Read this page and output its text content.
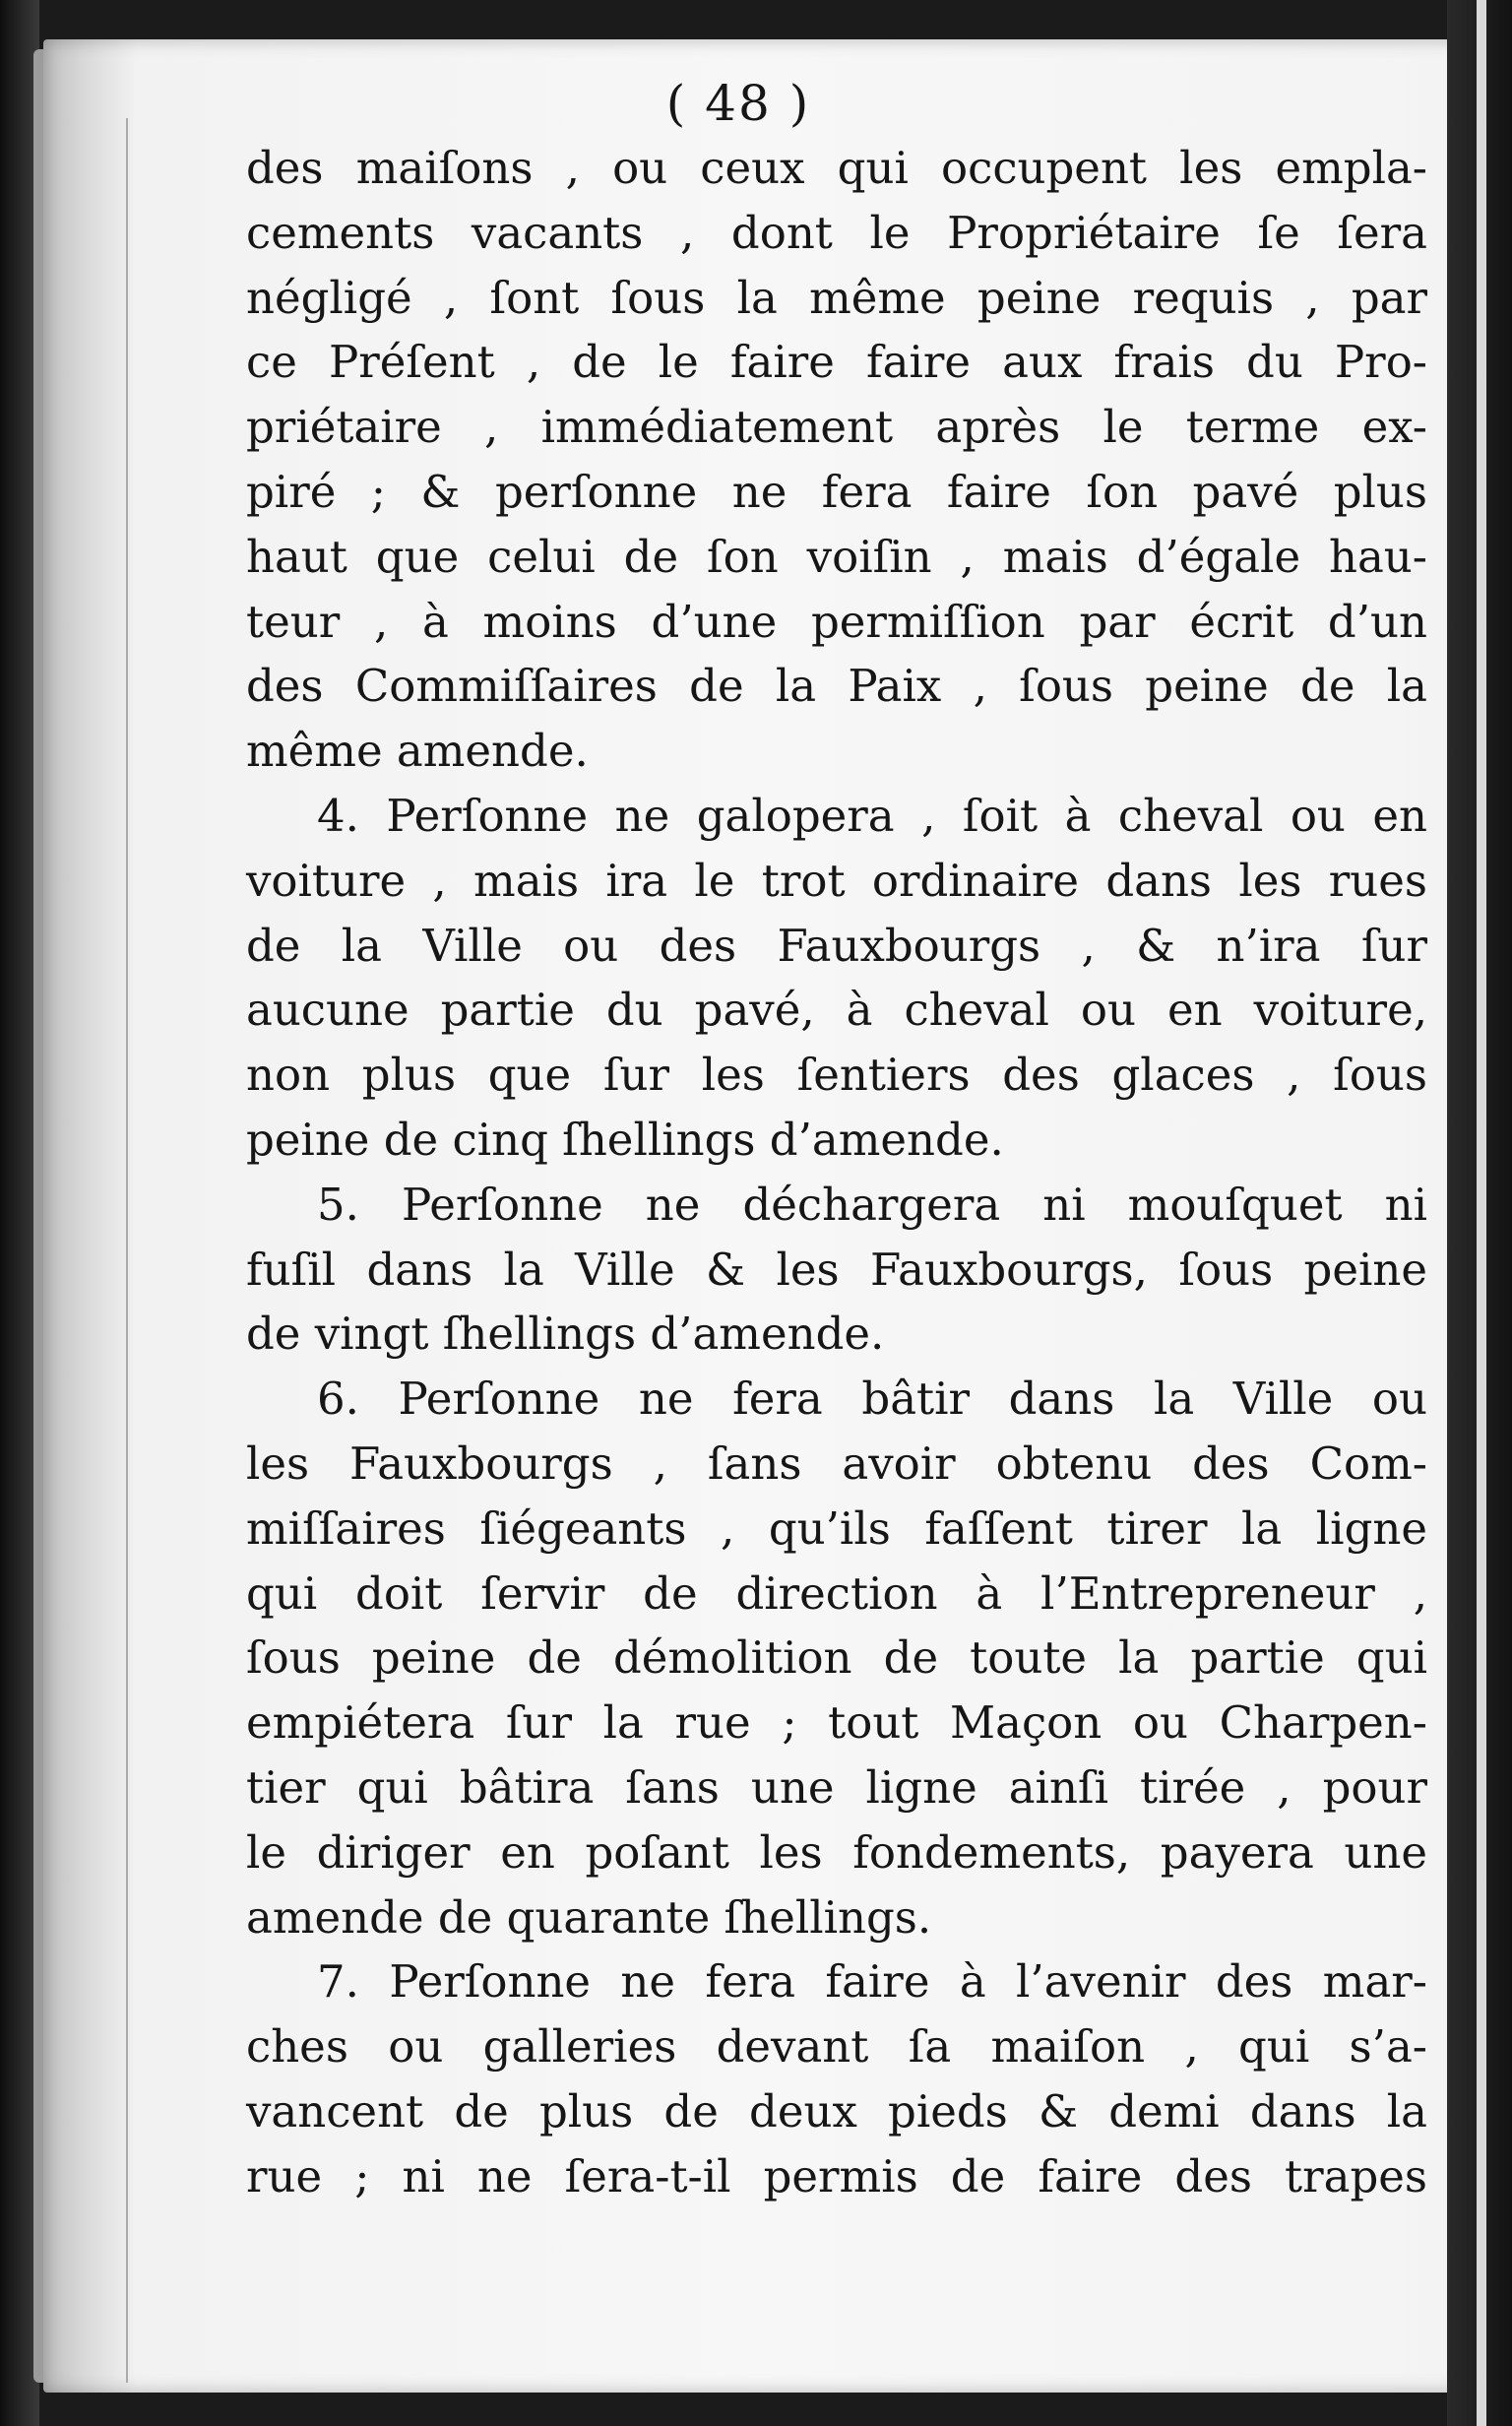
( 48 )
des maiſons , ou ceux qui occupent les empla-
cements vacants , dont le Propriétaire ſe ſera
négligé , ſont ſous la même peine requis , par
ce Préſent , de le faire faire aux frais du Pro-
priétaire , immédiatement après le terme ex-
piré ; & perſonne ne fera faire ſon pavé plus
haut que celui de ſon voiſin , mais d’égale hau-
teur , à moins d’une permiſſion par écrit d’un
des Commiſſaires de la Paix , ſous peine de la
même amende.
4. Perſonne ne galopera , ſoit à cheval ou en
voiture , mais ira le trot ordinaire dans les rues
de la Ville ou des Fauxbourgs , & n’ira ſur
aucune partie du pavé, à cheval ou en voiture,
non plus que ſur les ſentiers des glaces , ſous
peine de cinq ſhellings d’amende.
5. Perſonne ne déchargera ni mouſquet ni
fuſil dans la Ville & les Fauxbourgs, ſous peine
de vingt ſhellings d’amende.
6. Perſonne ne fera bâtir dans la Ville ou
les Fauxbourgs , ſans avoir obtenu des Com-
miſſaires ſiégeants , qu’ils faſſent tirer la ligne
qui doit ſervir de direction à l’Entrepreneur ,
ſous peine de démolition de toute la partie qui
empiétera ſur la rue ; tout Maçon ou Charpen-
tier qui bâtira ſans une ligne ainſi tirée , pour
le diriger en poſant les fondements, payera une
amende de quarante ſhellings.
7. Perſonne ne fera faire à l’avenir des mar-
ches ou galleries devant ſa maiſon , qui s’a-
vancent de plus de deux pieds & demi dans la
rue ; ni ne ſera-t-il permis de faire des trapes
